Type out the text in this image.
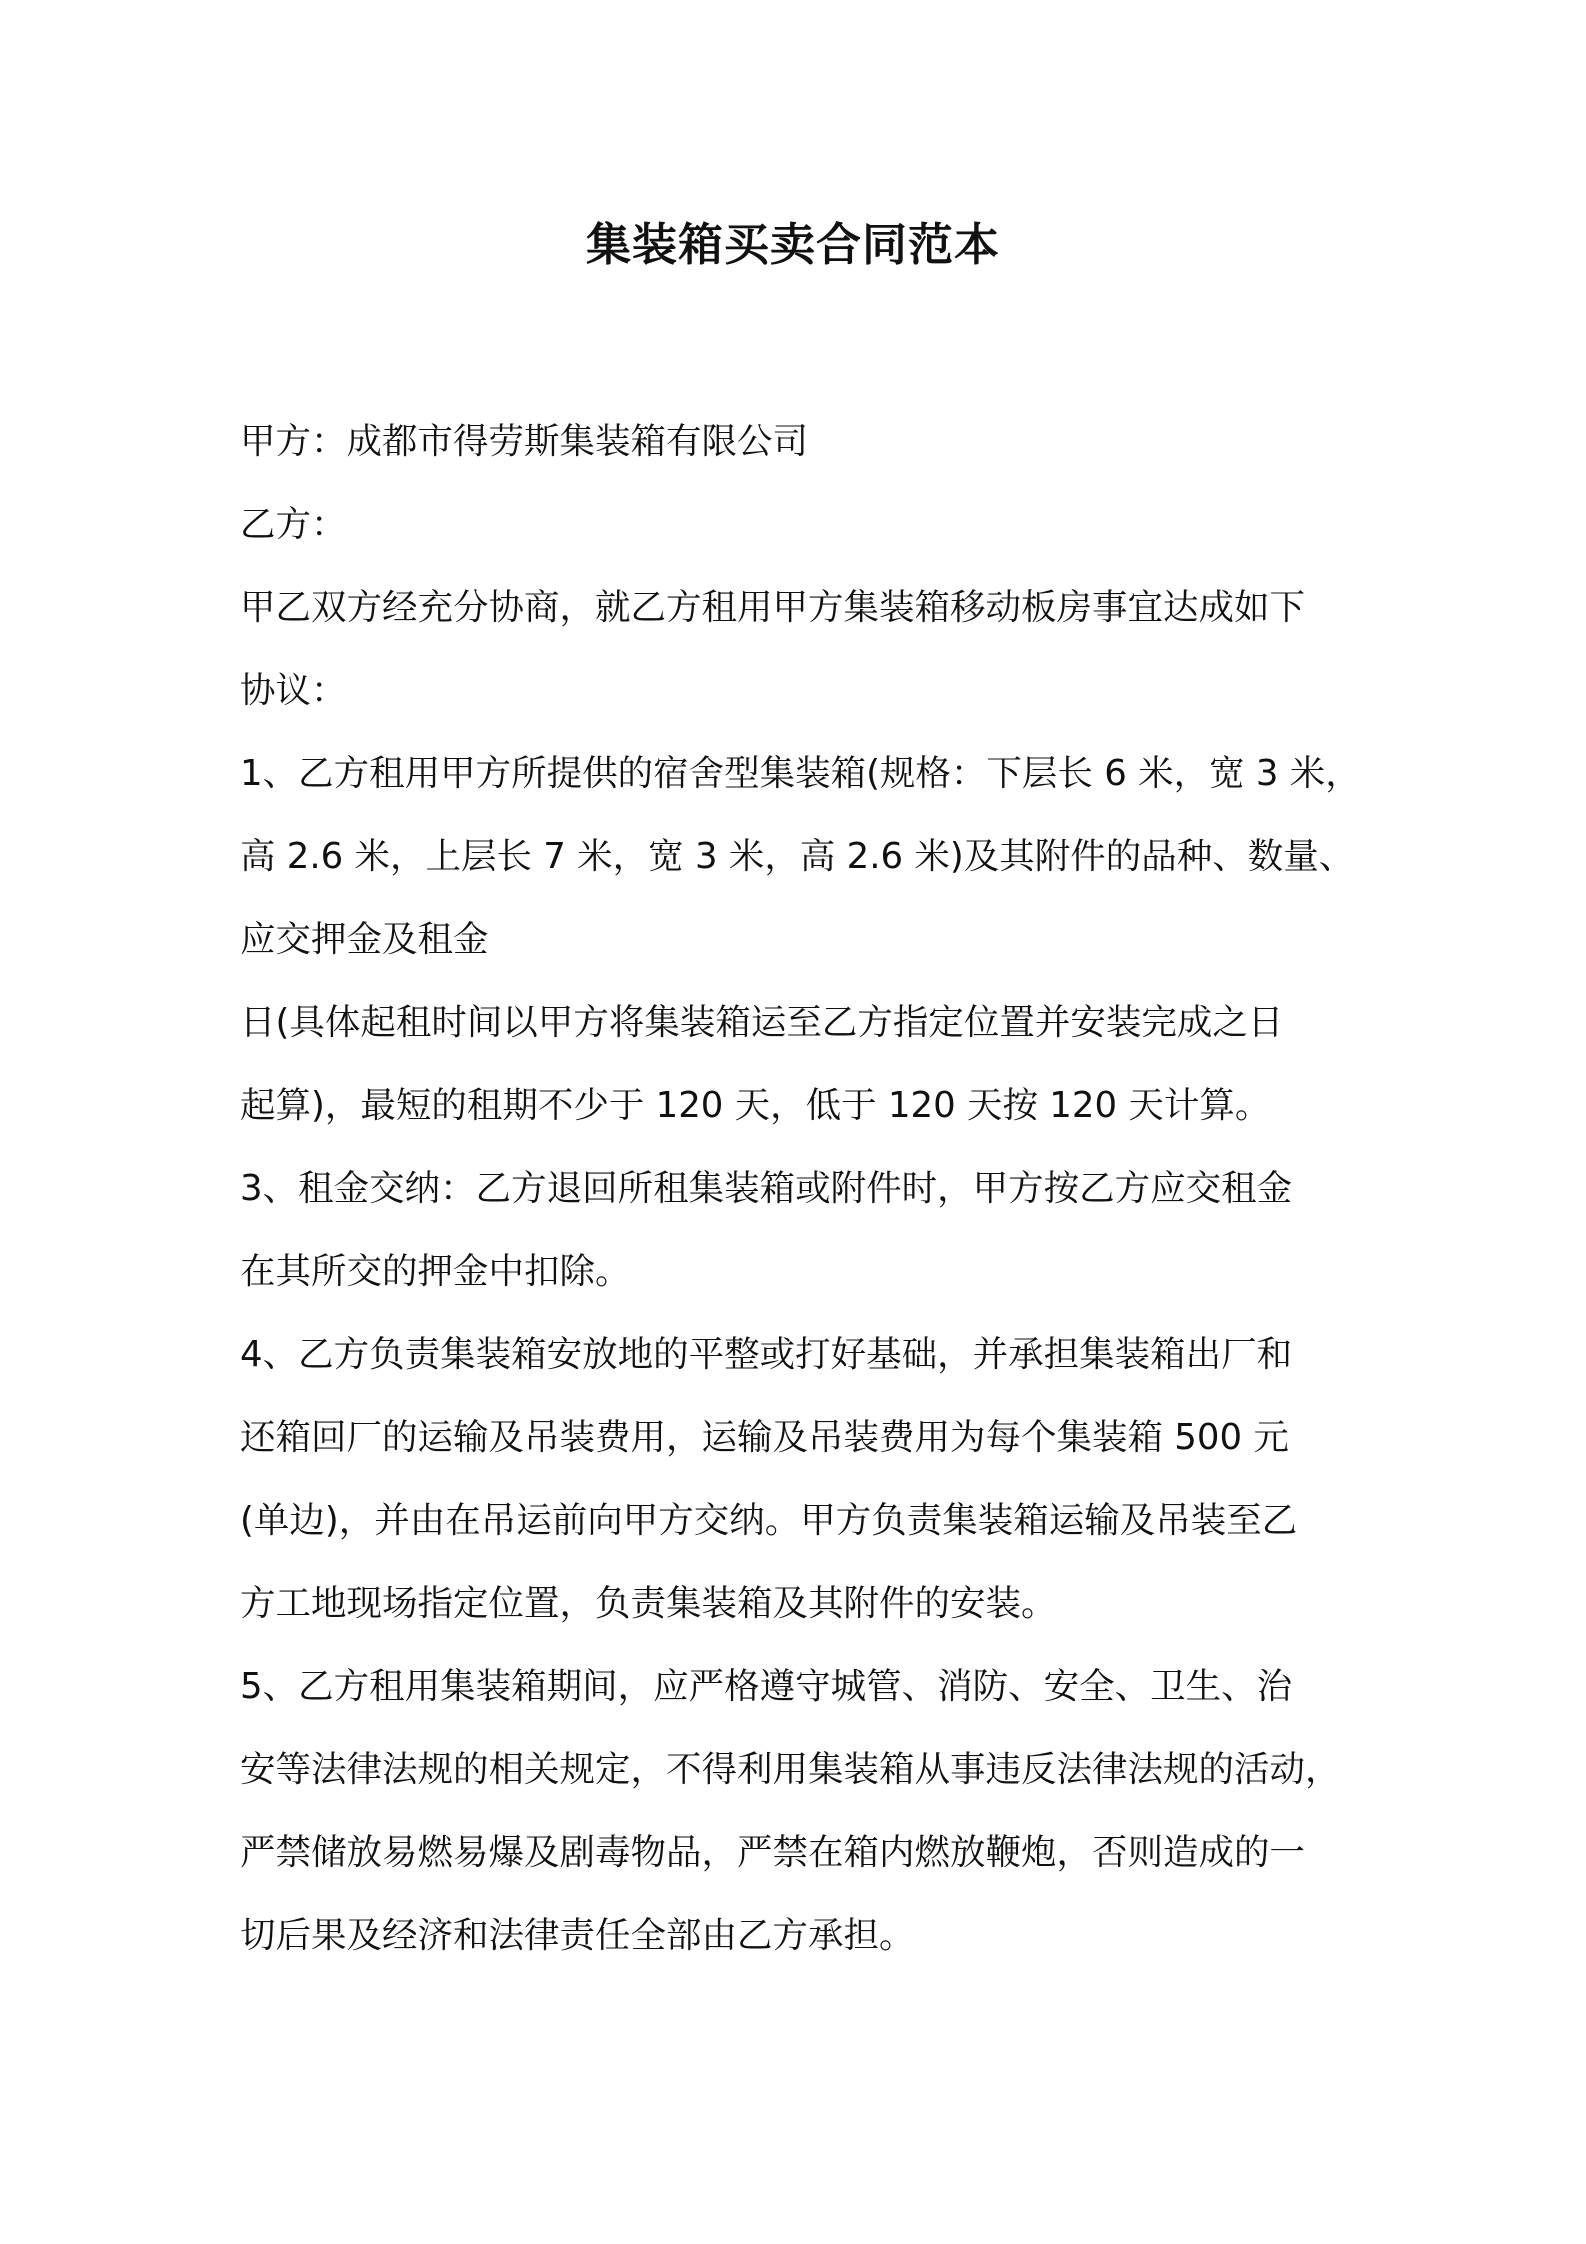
集装箱买卖合同范本
甲方：成都市得劳斯集装箱有限公司
乙方：
甲乙双方经充分协商，就乙方租用甲方集装箱移动板房事宜达成如下
协议：
1、乙方租用甲方所提供的宿舍型集装箱(规格：下层长 6 米，宽 3 米，
高 2.6 米，上层长 7 米，宽 3 米，高 2.6 米)及其附件的品种、数量、
应交押金及租金
日(具体起租时间以甲方将集装箱运至乙方指定位置并安装完成之日
起算)，最短的租期不少于 120 天，低于 120 天按 120 天计算。
3、租金交纳：乙方退回所租集装箱或附件时，甲方按乙方应交租金
在其所交的押金中扣除。
4、乙方负责集装箱安放地的平整或打好基础，并承担集装箱出厂和
还箱回厂的运输及吊装费用，运输及吊装费用为每个集装箱 500 元
(单边)，并由在吊运前向甲方交纳。甲方负责集装箱运输及吊装至乙
方工地现场指定位置，负责集装箱及其附件的安装。
5、乙方租用集装箱期间，应严格遵守城管、消防、安全、卫生、治
安等法律法规的相关规定，不得利用集装箱从事违反法律法规的活动，
严禁储放易燃易爆及剧毒物品，严禁在箱内燃放鞭炮，否则造成的一
切后果及经济和法律责任全部由乙方承担。
